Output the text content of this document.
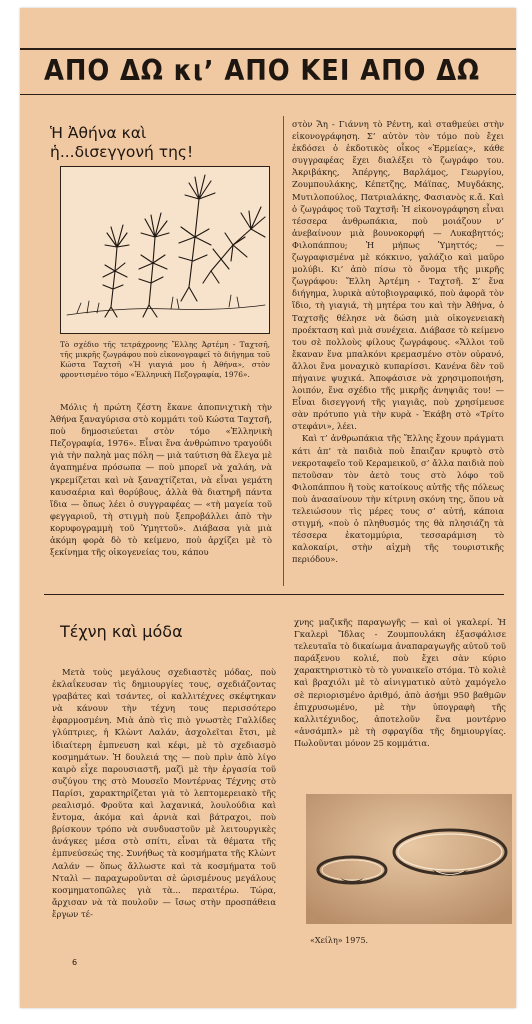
ΑΠΟ ΔΩ κι’ ΑΠΟ ΚΕΙ ΑΠΟ ΔΩ
Ἡ Ἀθήνα καὶ
ἡ...δισεγγονή της!
Τὸ σχέδιο τῆς τετράχρονης Ἔλλης Ἀρτέμη - Ταχτσῆ, τῆς μικρῆς ζωγράφου ποὺ εἰκονογραφεῖ τὸ διήγημα τοῦ Κώστα Ταχτσῆ «Ἡ γιαγιά μου ἡ Ἀθήνα», στὸν φροντισμένο τόμο «Ἑλληνικὴ Πεζογραφία, 1976».

Μόλις ἡ πρώτη ζέστη ἔκανε ἀποπνιχτικὴ τὴν Ἀθήνα ξαναγύρισα στὸ κομμάτι τοῦ Κώστα Ταχτσῆ, ποὺ δημοσιεύεται στὸν τόμο «Ἑλληνικὴ Πεζογραφία, 1976». Εἶναι ἕνα ἀνθρώπινο τραγούδι γιὰ τὴν παληὰ μας πόλη — μιὰ ταύτιση θὰ ἔλεγα μὲ ἀγαπημένα πρόσωπα — ποὺ μπορεῖ νὰ χαλάη, νὰ γκρεμίζεται καὶ νὰ ξαναχτίζεται, νὰ εἶναι γεμάτη καυσαέρια καὶ θορύβους, ἀλλὰ θὰ διατηρῆ πάντα ἴδια — ὅπως λέει ὁ συγγραφέας — «τὴ μαγεία τοῦ φεγγαριοῦ, τὴ στιγμὴ ποὺ ξεπροβάλλει ἀπὸ τὴν κορυφογραμμὴ τοῦ Ὑμηττοῦ». Διάβασα γιὰ μιὰ ἀκόμη φορὰ δὸ τὸ κείμενο, ποὺ ἀρχίζει μὲ τὸ ξεκίνημα τῆς οἰκογενείας του, κάπου

στὸν Ἅη - Γιάννη τὸ Ρέντη, καὶ σταθμεύει στὴν εἰκονογράφηση. Σ’ αὐτὸν τὸν τόμο ποὺ ἔχει ἐκδόσει ὁ ἐκδοτικὸς οἶκος «Ἑρμείας», κάθε συγγραφέας ἔχει διαλέξει τὸ ζωγράφο του. Ἀκριβάκης, Ἀπέργης, Βαρλάμος, Γεωργίου, Ζουμπουλάκης, Κέπετζης, Μάϊπας, Μυγδάκης, Μυτιλοπούλος, Πατριαλάκης, Φασιανὸς κ.ἄ. Καὶ ὁ ζωγράφος τοῦ Ταχτσῆ: Ἡ εἰκονογράφηση εἶναι τέσσερα ἀνθρωπάκια, ποὺ μοιάζουν ν’ ἀνεβαίνουν μιὰ βουνοκορφή — Λυκαβηττός; Φιλοπάππου; Ἡ μήπως Ὑμηττός; — ζωγραφισμένα μὲ κόκκινο, γαλάζιο καὶ μαῦρο μολύβι. Κι’ ἀπὸ πίσω τὸ ὄνομα τῆς μικρῆς ζωγράφου: Ἔλλη Ἀρτέμη - Ταχτσῆ. Σ’ ἕνα διήγημα, λυρικὰ αὐτοβιογραφικό, ποὺ ἀφορᾶ τὸν ἴδιο, τὴ γιαγιά, τὴ μητέρα του καὶ τὴν Ἀθήνα, ὁ Ταχτσῆς θέλησε νὰ δώση μιὰ οἰκογενειακὴ προέκταση καὶ μιὰ συνέχεια. Διάβασε τὸ κείμενο του σὲ πολλοὺς φίλους ζωγράφους. «Ἄλλοι τοῦ ἔκαναν ἕνα μπαλκόνι κρεμασμένο στὸν οὐρανό, ἄλλοι ἕνα μοναχικὸ κυπαρίσσι. Κανένα δὲν τοῦ πήγαινε ψυχικά. Ἀποφάσισε νὰ χρησιμοποιήση, λοιπόν, ἕνα σχέδιο τῆς μικρῆς ἀνηψιᾶς του! — Εἶναι δισεγγονή τῆς γιαγιᾶς, ποὺ χρησίμευσε σὰν πρότυπο γιὰ τὴν κυρὰ - Ἑκάβη στὸ «Τρίτο στεφάνι», λέει.

Καὶ τ’ ἀνθρωπάκια τῆς Ἔλλης ἔχουν πράγματι κάτι ἀπ’ τὰ παιδιὰ ποὺ ἔπαιζαν κρυφτὸ στὸ νεκροταφεῖο τοῦ Κεραμεικοῦ, σ’ ἄλλα παιδιὰ ποὺ πετοῦσαν τὸν ἀετὸ τους στὸ λόφο τοῦ Φιλοπάππου ἢ τοὺς κατοίκους αὐτῆς τῆς πόλεως ποὺ ἀνασαίνουν τὴν κίτρινη σκόνη της, ὅπου νὰ τελειώσουν τὶς μέρες τους σ’ αὐτή, κάποια στιγμή, «ποὺ ὁ πληθυσμός της θὰ πλησιάζη τὰ τέσσερα ἑκατομμύρια, τεσσαράμιση τὸ καλοκαίρι, στὴν αἰχμὴ τῆς τουριστικῆς περιόδου».

Τέχνη καὶ μόδα

Μετὰ τοὺς μεγάλους σχεδιαστὲς μόδας, ποὺ ἐκλαΐκευσαν τὶς δημιουργίες τους, σχεδιάζοντας γραβάτες καὶ τσάντες, οἱ καλλιτέχνες σκέφτηκαν νὰ κάνουν τὴν τέχνη τους περισσότερο ἐφαρμοσμένη. Μιὰ ἀπὸ τὶς πιὸ γνωστὲς Γαλλίδες γλύπτριες, ἡ Κλὼντ Λαλάν, ἀσχολεῖται ἔτσι, μὲ ἰδιαίτερη ἐμπνευση καὶ κέφι, μὲ τὸ σχεδιασμὸ κοσμημάτων. Ἡ δουλειά της — ποὺ πρὶν ἀπὸ λίγο καιρὸ εἶχε παρουσιαστῆ, μαζὶ μὲ τὴν ἐργασία τοῦ συζύγου της στὸ Μουσεῖο Μοντέρνας Τέχνης στὸ Παρίσι, χαρακτηρίζεται γιὰ τὸ λεπτομερειακὸ τῆς ρεαλισμό. Φροῦτα καὶ λαχανικά, λουλούδια καὶ ἔντομα, ἀκόμα καὶ ἀρνιὰ καὶ βάτραχοι, ποὺ βρίσκουν τρόπο νὰ συνδυαστοῦν μὲ λειτουργικὲς ἀνάγκες μέσα στὸ σπίτι, εἶναι τὰ θέματα τῆς ἐμπνεύσεώς της. Συνήθως τὰ κοσμήματα τῆς Κλὼντ Λαλάν — ὅπως ἄλλωστε καὶ τὰ κοσμήματα τοῦ Νταλὶ — παραχωροῦνται σὲ ὡρισμένους μεγάλους κοσμηματοπῶλες γιὰ τὰ... περαιτέρω. Τώρα, ἄρχισαν νὰ τὰ πουλοῦν — ἴσως στὴν προσπάθεια ἔργων τέ-

χνης μαζικῆς παραγωγῆς — καὶ οἱ γκαλερί. Ἡ Γκαλερὶ Ἴδλας - Ζουμπουλάκη ἐξασφάλισε τελευταῖα τὸ δικαίωμα ἀναπαραγωγῆς αὐτοῦ τοῦ παράξενου κολιέ, ποὺ ἔχει σὰν κύριο χαρακτηριστικὸ τὸ τὸ γυναικεῖο στόμα. Τὸ κολιὲ καὶ βραχιόλι μὲ τὸ αἰνιγματικὸ αὐτὸ χαμόγελο σὲ περιορισμένο ἀριθμό, ἀπὸ ἀσήμι 950 βαθμῶν ἐπιχρυσωμένο, μὲ τὴν ὑπογραφὴ τῆς καλλιτέχνιδος, ἀποτελοῦν ἕνα μοντέρνο «ἀνσάμπλ» μὲ τὴ σφραγίδα τῆς δημιουργίας. Πωλοῦνται μόνον 25 κομμάτια.

«Χείλη» 1975.
6
